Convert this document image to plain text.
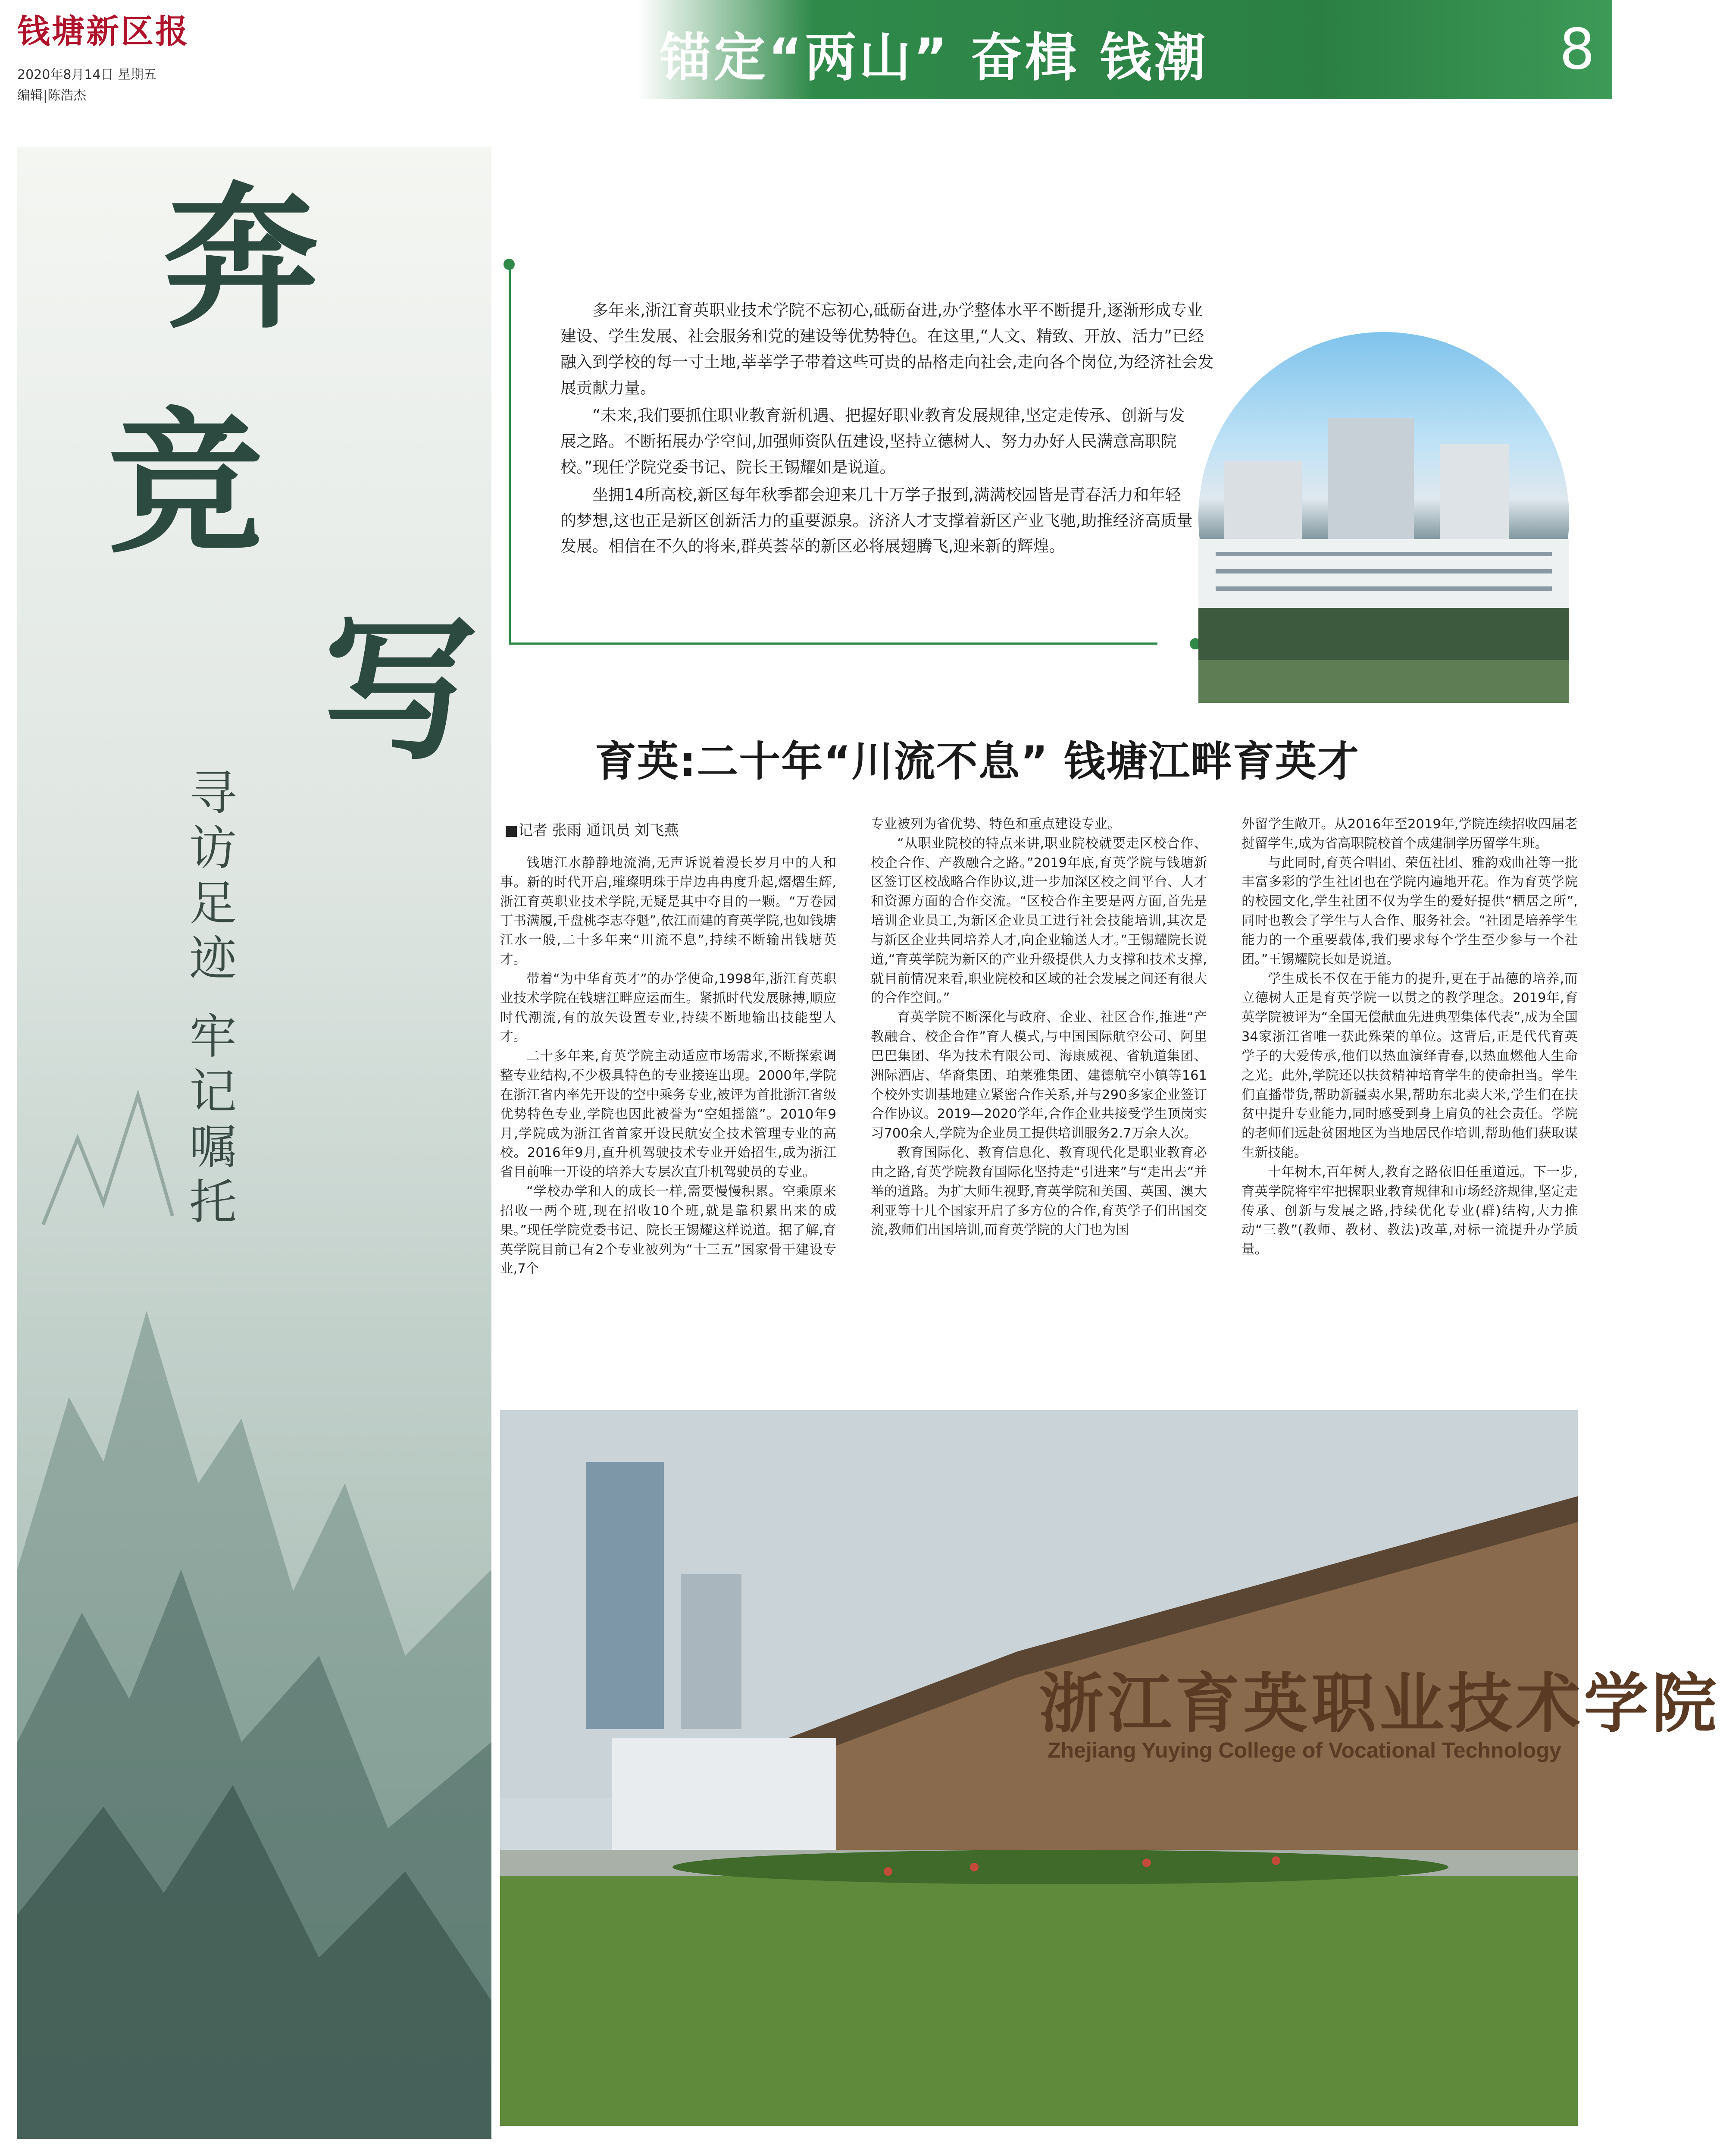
钱塘新区报
2020年8月14日 星期五
编辑|陈浩杰
锚定“两山” 奋楫 钱潮	8
奔
竞
写
寻访足迹 牢记嘱托

多年来,浙江育英职业技术学院不忘初心,砥砺奋进,办学整体水平不断提升,逐渐形成专业建设、学生发展、社会服务和党的建设等优势特色。在这里,“人文、精致、开放、活力”已经融入到学校的每一寸土地,莘莘学子带着这些可贵的品格走向社会,走向各个岗位,为经济社会发展贡献力量。

“未来,我们要抓住职业教育新机遇、把握好职业教育发展规律,坚定走传承、创新与发展之路。不断拓展办学空间,加强师资队伍建设,坚持立德树人、努力办好人民满意高职院校。”现任学院党委书记、院长王锡耀如是说道。

坐拥14所高校,新区每年秋季都会迎来几十万学子报到,满满校园皆是青春活力和年轻的梦想,这也正是新区创新活力的重要源泉。济济人才支撑着新区产业飞驰,助推经济高质量发展。相信在不久的将来,群英荟萃的新区必将展翅腾飞,迎来新的辉煌。

育英:二十年“川流不息” 钱塘江畔育英才
■记者 张雨 通讯员 刘飞燕

钱塘江水静静地流淌,无声诉说着漫长岁月中的人和事。新的时代开启,璀璨明珠于岸边冉冉度升起,熠熠生辉,浙江育英职业技术学院,无疑是其中夺目的一颗。“万卷园丁书满履,千盘桃李志夺魁”,依江而建的育英学院,也如钱塘江水一般,二十多年来“川流不息”,持续不断输出钱塘英才。

带着“为中华育英才”的办学使命,1998年,浙江育英职业技术学院在钱塘江畔应运而生。紧抓时代发展脉搏,顺应时代潮流,有的放矢设置专业,持续不断地输出技能型人才。

二十多年来,育英学院主动适应市场需求,不断探索调整专业结构,不少极具特色的专业接连出现。2000年,学院在浙江省内率先开设的空中乘务专业,被评为首批浙江省级优势特色专业,学院也因此被誉为“空姐摇篮”。2010年9月,学院成为浙江省首家开设民航安全技术管理专业的高校。2016年9月,直升机驾驶技术专业开始招生,成为浙江省目前唯一开设的培养大专层次直升机驾驶员的专业。

“学校办学和人的成长一样,需要慢慢积累。空乘原来招收一两个班,现在招收10个班,就是靠积累出来的成果。”现任学院党委书记、院长王锡耀这样说道。据了解,育英学院目前已有2个专业被列为“十三五”国家骨干建设专业,7个

专业被列为省优势、特色和重点建设专业。

“从职业院校的特点来讲,职业院校就要走区校合作、校企合作、产教融合之路。”2019年底,育英学院与钱塘新区签订区校战略合作协议,进一步加深区校之间平台、人才和资源方面的合作交流。“区校合作主要是两方面,首先是培训企业员工,为新区企业员工进行社会技能培训,其次是与新区企业共同培养人才,向企业输送人才。”王锡耀院长说道,“育英学院为新区的产业升级提供人力支撑和技术支撑,就目前情况来看,职业院校和区域的社会发展之间还有很大的合作空间。”

育英学院不断深化与政府、企业、社区合作,推进“产教融合、校企合作”育人模式,与中国国际航空公司、阿里巴巴集团、华为技术有限公司、海康威视、省轨道集团、洲际酒店、华裔集团、珀莱雅集团、建德航空小镇等161个校外实训基地建立紧密合作关系,并与290多家企业签订合作协议。2019—2020学年,合作企业共接受学生顶岗实习700余人,学院为企业员工提供培训服务2.7万余人次。

教育国际化、教育信息化、教育现代化是职业教育必由之路,育英学院教育国际化坚持走“引进来”与“走出去”并举的道路。为扩大师生视野,育英学院和美国、英国、澳大利亚等十几个国家开启了多方位的合作,育英学子们出国交流,教师们出国培训,而育英学院的大门也为国

外留学生敞开。从2016年至2019年,学院连续招收四届老挝留学生,成为省高职院校首个成建制学历留学生班。

与此同时,育英合唱团、荣伍社团、雅韵戏曲社等一批丰富多彩的学生社团也在学院内遍地开花。作为育英学院的校园文化,学生社团不仅为学生的爱好提供“栖居之所”,同时也教会了学生与人合作、服务社会。“社团是培养学生能力的一个重要载体,我们要求每个学生至少参与一个社团。”王锡耀院长如是说道。

学生成长不仅在于能力的提升,更在于品德的培养,而立德树人正是育英学院一以贯之的教学理念。2019年,育英学院被评为“全国无偿献血先进典型集体代表”,成为全国34家浙江省唯一获此殊荣的单位。这背后,正是代代育英学子的大爱传承,他们以热血演绎青春,以热血燃他人生命之光。此外,学院还以扶贫精神培育学生的使命担当。学生们直播带货,帮助新疆卖水果,帮助东北卖大米,学生们在扶贫中提升专业能力,同时感受到身上肩负的社会责任。学院的老师们远赴贫困地区为当地居民作培训,帮助他们获取谋生新技能。

十年树木,百年树人,教育之路依旧任重道远。下一步,育英学院将牢牢把握职业教育规律和市场经济规律,坚定走传承、创新与发展之路,持续优化专业(群)结构,大力推动“三教”(教师、教材、教法)改革,对标一流提升办学质量。

浙江育英职业技术学院
Zhejiang Yuying College of Vocational Technology
